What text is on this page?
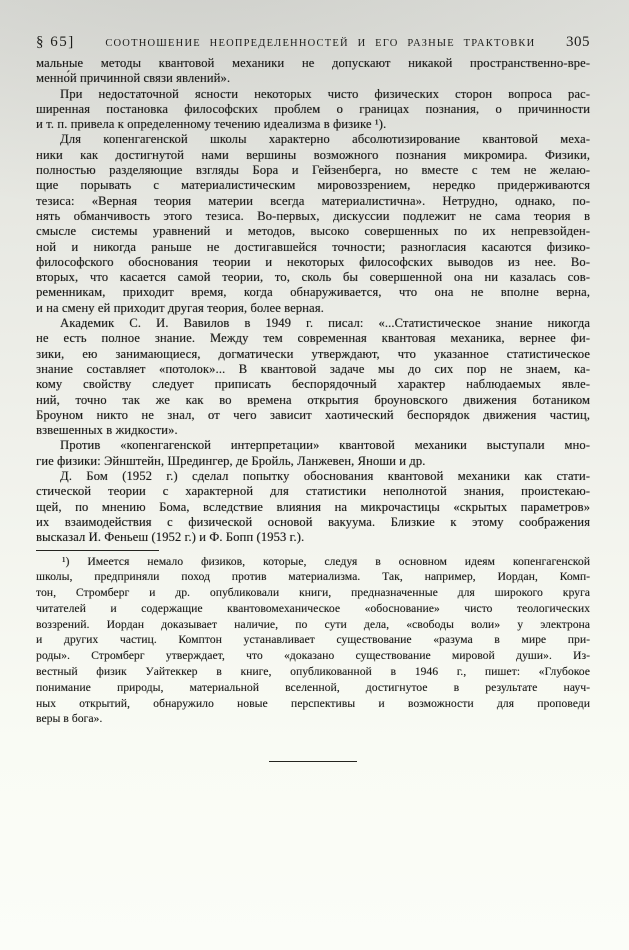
§ 65]	СООТНОШЕНИЕ НЕОПРЕДЕЛЕННОСТЕЙ И ЕГО РАЗНЫЕ ТРАКТОВКИ	305
мальные методы квантовой механики не допускают никакой пространственно-вре-
менно́й причинной связи явлений».
При недостаточной ясности некоторых чисто физических сторон вопроса рас-
ширенная постановка философских проблем о границах познания, о причинности
и т. п. привела к определенному течению идеализма в физике ¹).
Для копенгагенской школы характерно абсолютизирование квантовой меха-
ники как достигнутой нами вершины возможного познания микромира. Физики,
полностью разделяющие взгляды Бора и Гейзенберга, но вместе с тем не желаю-
щие порывать с материалистическим мировоззрением, нередко придерживаются
тезиса: «Верная теория материи всегда материалистична». Нетрудно, однако, по-
нять обманчивость этого тезиса. Во-первых, дискуссии подлежит не сама теория в
смысле системы уравнений и методов, высоко совершенных по их непревзойден-
ной и никогда раньше не достигавшейся точности; разногласия касаются физико-
философского обоснования теории и некоторых философских выводов из нее. Во-
вторых, что касается самой теории, то, сколь бы совершенной она ни казалась сов-
ременникам, приходит время, когда обнаруживается, что она не вполне верна,
и на смену ей приходит другая теория, более верная.
Академик С. И. Вавилов в 1949 г. писал: «...Статистическое знание никогда
не есть полное знание. Между тем современная квантовая механика, вернее фи-
зики, ею занимающиеся, догматически утверждают, что указанное статистическое
знание составляет «потолок»... В квантовой задаче мы до сих пор не знаем, ка-
кому свойству следует приписать беспорядочный характер наблюдаемых явле-
ний, точно так же как во времена открытия броуновского движения ботаником
Броуном никто не знал, от чего зависит хаотический беспорядок движения частиц,
взвешенных в жидкости».
Против «копенгагенской интерпретации» квантовой механики выступали мно-
гие физики: Эйнштейн, Шредингер, де Бройль, Ланжевен, Яноши и др.
Д. Бом (1952 г.) сделал попытку обоснования квантовой механики как стати-
стической теории с характерной для статистики неполнотой знания, проистекаю-
щей, по мнению Бома, вследствие влияния на микрочастицы «скрытых параметров»
их взаимодействия с физической основой вакуума. Близкие к этому соображения
высказал И. Феньеш (1952 г.) и Ф. Бопп (1953 г.).
¹) Имеется немало физиков, которые, следуя в основном идеям копенгагенской
школы, предприняли поход против материализма. Так, например, Иордан, Комп-
тон, Стромберг и др. опубликовали книги, предназначенные для широкого круга
читателей и содержащие квантовомеханическое «обоснование» чисто теологических
воззрений. Иордан доказывает наличие, по сути дела, «свободы воли» у электрона
и других частиц. Комптон устанавливает существование «разума в мире при-
роды». Стромберг утверждает, что «доказано существование мировой души». Из-
вестный физик Уайтеккер в книге, опубликованной в 1946 г., пишет: «Глубокое
понимание природы, материальной вселенной, достигнутое в результате науч-
ных открытий, обнаружило новые перспективы и возможности для проповеди
веры в бога».
